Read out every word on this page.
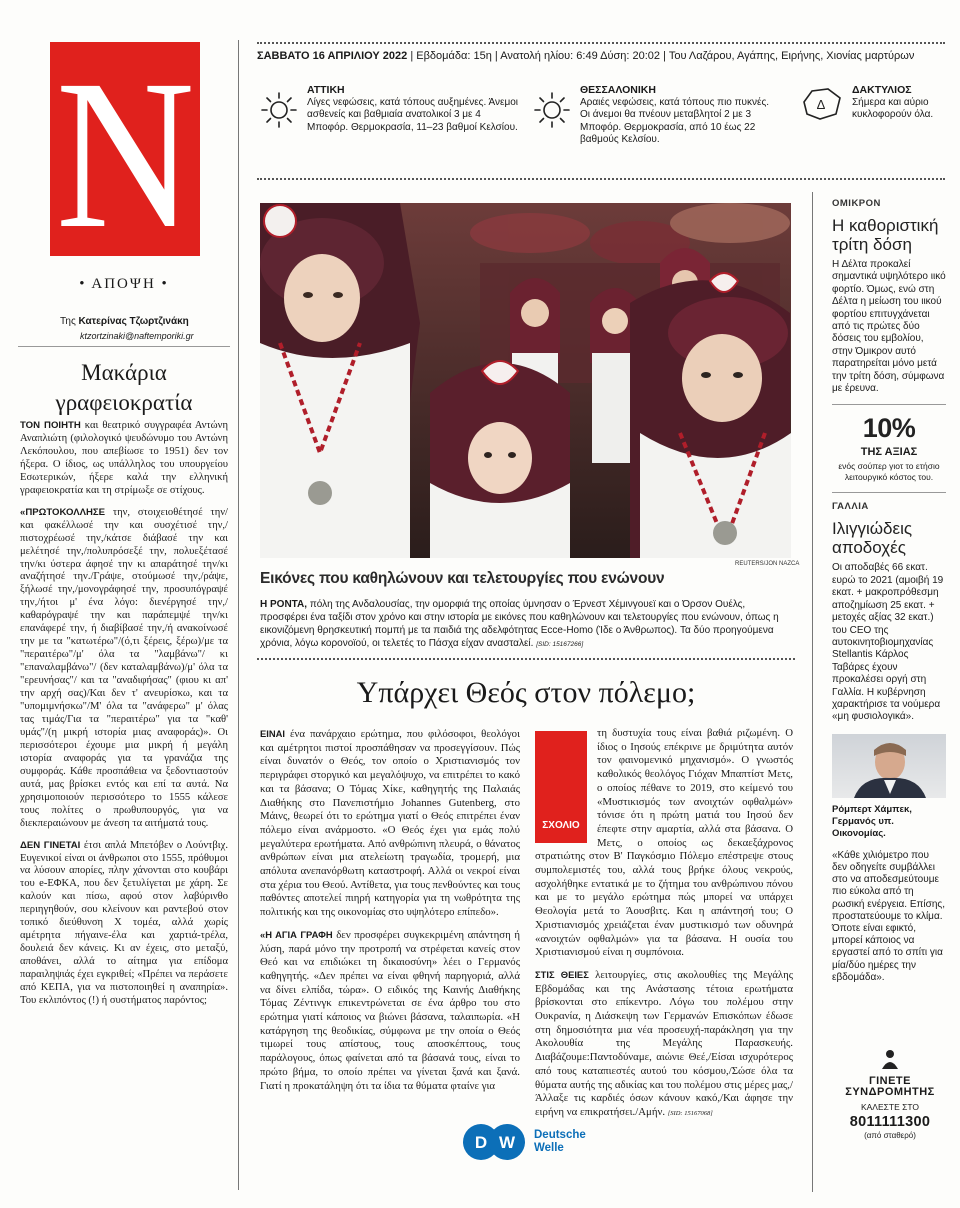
N
• ΑΠΟΨΗ •
Της Κατερίνας Τζωρτζινάκη
ktzortzinaki@naftemporiki.gr
Μακάρια
γραφειοκρατία

ΤΟΝ ΠΟΙΗΤΗ και θεατρικό συγγραφέα Αντώνη Αναπλιώτη (φιλολογικό ψευδώνυμο του Αντώνη Λεκόπουλου, που απεβίωσε το 1951) δεν τον ήξερα. Ο ίδιος, ως υπάλληλος του υπουργείου Εσωτερικών, ήξερε καλά την ελληνική γραφειοκρατία και τη στρίμωξε σε στίχους.

«ΠΡΩΤΟΚΟΛΛΗΣΕ την, στοιχειοθέτησέ την/ και φακέλλωσέ την και συσχέτισέ την,/ πιστοχρέωσέ την,/κάτσε διάβασέ την και μελέτησέ την,/πολυπρόσεξέ την, πολυεξέτασέ την/κι ύστερα άφησέ την κι απαράτησέ την/κι αναζήτησέ την./Γράψε, στούμωσέ την,/ράψε, ξήλωσέ την,/μονογράφησέ την, προσυπόγραψέ την,/ήτοι μ' ένα λόγο: διενέργησέ την,/καθαρόγραψέ την και παράπεμψέ την/κι επανάφερέ την, ή διαβίβασέ την,/ή ανακοίνωσέ την με τα "κατωτέρω"/(ό,τι ξέρεις, ξέρω)/με τα "περαιτέρω"/μ' όλα τα "λαμβάνω"/ κι "επαναλαμβάνω"/ (δεν καταλαμβάνω)/μ' όλα τα "ερευνήσας"/ και τα "αναδιφήσας" (φιου κι απ' την αρχή σας)/Και δεν τ' ανευρίσκω, και τα "υπομιμνήσκω"/Μ' όλα τα "ανάφερω" μ' όλας τας τιμάς/Για τα "περαιτέρω" για τα "καθ' υμάς"/(η μικρή ιστορία μιας αναφοράς)». Οι περισσότεροι έχουμε μια μικρή ή μεγάλη ιστορία αναφοράς για τα γρανάζια της συμφοράς. Κάθε προσπάθεια να ξεδοντιαστούν αυτά, μας βρίσκει εντός και επί τα αυτά. Να χρησιμοποιούν περισσότερο το 1555 κάλεσε τους πολίτες ο πρωθυπουργός, για να διεκπεραιώνουν με άνεση τα αιτήματά τους.

ΔΕΝ ΓΙΝΕΤΑΙ έτσι απλά Μπετόβεν ο Λούντβιχ. Ευγενικοί είναι οι άνθρωποι στο 1555, πρόθυμοι να λύσουν απορίες, πλην χάνονται στο κουβάρι του e-ΕΦΚΑ, που δεν ξετυλίγεται με χάρη. Σε καλούν και πίσω, αφού στον λαβύρινθο περιηγηθούν, σου κλείνουν και ραντεβού στον τοπικό διεύθυνση Χ τομέα, αλλά χωρίς αμέτρητα πήγαινε-έλα και χαρτιά-τρέλα, δουλειά δεν κάνεις. Κι αν έχεις, στο μεταξύ, αποθάνει, αλλά το αίτημα για επίδομα παραιληψιάς έχει εγκριθεί; «Πρέπει να περάσετε από ΚΕΠΑ, για να πιστοποιηθεί η αναπηρία». Του εκλιπόντος (!) ή συστήματος παρόντος;

ΣΑΒΒΑΤΟ 16 ΑΠΡΙΛΙΟΥ 2022 | Εβδομάδα: 15η | Ανατολή ηλίου: 6:49 Δύση: 20:02 | Του Λαζάρου, Αγάπης, Ειρήνης, Χιονίας μαρτύρων
ΑΤΤΙΚΗ
Λίγες νεφώσεις, κατά τόπους αυξημένες. Άνεμοι ασθενείς και βαθμιαία ανατολικοί 3 με 4 Μποφόρ. Θερμοκρασία, 11–23 βαθμοί Κελσίου.
ΘΕΣΣΑΛΟΝΙΚΗ
Αραιές νεφώσεις, κατά τόπους πιο πυκνές. Οι άνεμοι θα πνέουν μεταβλητοί 2 με 3 Μποφόρ. Θερμοκρασία, από 10 έως 22 βαθμούς Κελσίου.
Δ
ΔΑΚΤΥΛΙΟΣ
Σήμερα και αύριο κυκλοφορούν όλα.
REUTERS/JON NAZCA
Εικόνες που καθηλώνουν και τελετουργίες που ενώνουν
Η ΡΟΝΤΑ, πόλη της Ανδαλουσίας, την ομορφιά της οποίας ύμνησαν ο Έρνεστ Χέμινγουεϊ και ο Όρσον Ουέλς, προσφέρει ένα ταξίδι στον χρόνο και στην ιστορία με εικόνες που καθηλώνουν και τελετουργίες που ενώνουν, όπως η εικονιζόμενη θρησκευτική πομπή με τα παιδιά της αδελφότητας Ecce-Homo (Ίδε ο Άνθρωπος). Τα δύο προηγούμενα χρόνια, λόγω κορονοϊού, οι τελετές το Πάσχα είχαν ανασταλεί. [SID: 15167266]
Υπάρχει Θεός στον πόλεμο;

ΕΙΝΑΙ ένα πανάρχαιο ερώτημα, που φιλόσοφοι, θεολόγοι και αμέτρητοι πιστοί προσπάθησαν να προσεγγίσουν. Πώς είναι δυνατόν ο Θεός, τον οποίο ο Χριστιανισμός τον περιγράφει στοργικό και μεγαλόψυχο, να επιτρέπει το κακό και τα βάσανα; Ο Τόμας Χίκε, καθηγητής της Παλαιάς Διαθήκης στο Πανεπιστήμιο Johannes Gutenberg, στο Μάινς, θεωρεί ότι το ερώτημα γιατί ο Θεός επιτρέπει έναν πόλεμο είναι ανάρμοστο. «Ο Θεός έχει για εμάς πολύ μεγαλύτερα ερωτήματα. Από ανθρώπινη πλευρά, ο θάνατος ανθρώπων είναι μια ατελείωτη τραγωδία, τρομερή, μια απόλυτα ανεπανόρθωτη καταστροφή. Αλλά οι νεκροί είναι στα χέρια του Θεού. Αντίθετα, για τους πενθούντες και τους παθόντες αποτελεί πιηρή κατηγορία για τη νωθρότητα της πολιτικής και της οικονομίας στο υψηλότερο επίπεδο».

«Η ΑΓΙΑ ΓΡΑΦΗ δεν προσφέρει συγκεκριμένη απάντηση ή λύση, παρά μόνο την προτροπή να στρέφεται κανείς στον Θεό και να επιδιώκει τη δικαιοσύνη» λέει ο Γερμανός καθηγητής. «Δεν πρέπει να είναι φθηνή παρηγοριά, αλλά να δίνει ελπίδα, τώρα». Ο ειδικός της Καινής Διαθήκης Τόμας Ζέντινγκ επικεντρώνεται σε ένα άρθρο του στο ερώτημα γιατί κάποιος να βιώνει βάσανα, ταλαιπωρία. «Η κατάργηση της θεοδικίας, σύμφωνα με την οποία ο Θεός τιμωρεί τους απίστους, τους αποσκέπτους, τους παράλογους, όπως φαίνεται από τα βάσανά τους, είναι το πρώτο βήμα, το οποίο πρέπει να γίνεται ξανά και ξανά. Γιατί η προκατάληψη ότι τα ίδια τα θύματα φταίνε για

ΣΧΟΛΙΟ
τη δυστυχία τους είναι βαθιά ριζωμένη. Ο ίδιος ο Ιησούς επέκρινε με δριμύτητα αυτόν τον φαινομενικό μηχανισμό». Ο γνωστός καθολικός θεολόγος Γιόχαν Μπαπτίστ Μετς, ο οποίος πέθανε το 2019, στο κείμενό του «Μυστικισμός των ανοιχτών οφθαλμών» τόνισε ότι η πρώτη ματιά του Ιησού δεν έπεφτε στην αμαρτία, αλλά στα βάσανα. Ο Μετς, ο οποίος ως δεκαεξάχρονος στρατιώτης στον Β' Παγκόσμιο Πόλεμο επέστρεψε στους συμπολεμιστές του, αλλά τους βρήκε όλους νεκρούς, ασχολήθηκε εντατικά με το ζήτημα του ανθρώπινου πόνου και με το μεγάλο ερώτημα πώς μπορεί να υπάρχει Θεολογία μετά το Άουσβιτς. Και η απάντησή του; Ο Χριστιανισμός χρειάζεται έναν μυστικισμό των οδυνηρά «ανοιχτών οφθαλμών» για τα βάσανα. Η ουσία του Χριστιανισμού είναι η συμπόνοια.

ΣΤΙΣ ΘΕΙΕΣ λειτουργίες, στις ακολουθίες της Μεγάλης Εβδομάδας και της Ανάστασης τέτοια ερωτήματα βρίσκονται στο επίκεντρο. Λόγω του πολέμου στην Ουκρανία, η Διάσκεψη των Γερμανών Επισκόπων έδωσε στη δημοσιότητα μια νέα προσευχή-παράκληση για την Ακολουθία της Μεγάλης Παρασκευής. Διαβάζουμε:Παντοδύναμε, αιώνιε Θεέ,/Είσαι ισχυρότερος από τους καταπιεστές αυτού του κόσμου,/Σώσε όλα τα θύματα αυτής της αδικίας και του πολέμου στις μέρες μας,/Άλλαξε τις καρδιές όσων κάνουν κακό,/Και άφησε την ειρήνη να επικρατήσει./Αμήν. [SID: 15167068]

D W Deutsche
Welle
ΟΜΙΚΡΟΝ
Η καθοριστική τρίτη δόση
Η Δέλτα προκαλεί σημαντικά υψηλότερο ιικό φορτίο. Όμως, ενώ στη Δέλτα η μείωση του ιικού φορτίου επιτυγχάνεται από τις πρώτες δύο δόσεις του εμβολίου, στην Όμικρον αυτό παρατηρείται μόνο μετά την τρίτη δόση, σύμφωνα με έρευνα.
10%
ΤΗΣ ΑΞΙΑΣ
ενός σούπερ γιοτ το ετήσιο λειτουργικό κόστος του.
ΓΑΛΛΙΑ
Ιλιγγιώδεις αποδοχές
Οι αποδαβές 66 εκατ. ευρώ το 2021 (αμοιβή 19 εκατ. + μακροπρόθεσμη αποζημίωση 25 εκατ. + μετοχές αξίας 32 εκατ.) του CEO της αυτοκινητοβιομηχανίας Stellantis Κάρλος Ταβάρες έχουν προκαλέσει οργή στη Γαλλία. Η κυβέρνηση χαρακτήρισε τα νούμερα «μη φυσιολογικά».
Ρόμπερτ Χάμπεκ, Γερμανός υπ. Οικονομίας.
«Κάθε χιλιόμετρο που δεν οδηγείτε συμβάλλει στο να αποδεσμεύτουμε πιο εύκολα από τη ρωσική ενέργεια. Επίσης, προστατεύουμε το κλίμα. Όποτε είναι εφικτό, μπορεί κάποιος να εργαστεί από το σπίτι για μία/δύο ημέρες την εβδομάδα».
ΓΙΝΕΤΕ
ΣΥΝΔΡΟΜΗΤΗΣ
ΚΑΛΕΣΤΕ ΣΤΟ
8011111300
(από σταθερό)
